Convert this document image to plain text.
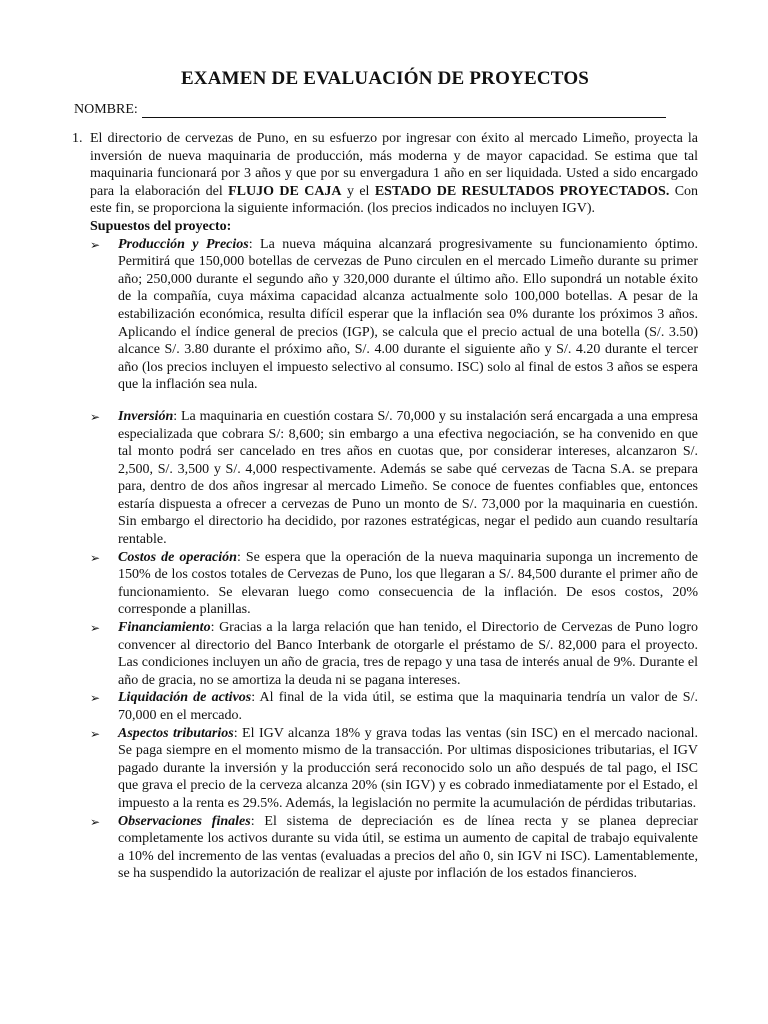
EXAMEN DE EVALUACIÓN DE PROYECTOS
NOMBRE:
1. El directorio de cervezas de Puno, en su esfuerzo por ingresar con éxito al mercado Limeño, proyecta la inversión de nueva maquinaria de producción, más moderna y de mayor capacidad. Se estima que tal maquinaria funcionará por 3 años y que por su envergadura 1 año en ser liquidada. Usted a sido encargado para la elaboración del FLUJO DE CAJA y el ESTADO DE RESULTADOS PROYECTADOS. Con este fin, se proporciona la siguiente información. (los precios indicados no incluyen IGV).

Supuestos del proyecto:

➢	Producción y Precios: La nueva máquina alcanzará progresivamente su funcionamiento óptimo. Permitirá que 150,000 botellas de cervezas de Puno circulen en el mercado Limeño durante su primer año; 250,000 durante el segundo año y 320,000 durante el último año. Ello supondrá un notable éxito de la compañía, cuya máxima capacidad alcanza actualmente solo 100,000 botellas. A pesar de la estabilización económica, resulta difícil esperar que la inflación sea 0% durante los próximos 3 años. Aplicando el índice general de precios (IGP), se calcula que el precio actual de una botella (S/. 3.50) alcance S/. 3.80 durante el próximo año, S/. 4.00 durante el siguiente año y S/. 4.20 durante el tercer año (los precios incluyen el impuesto selectivo al consumo. ISC) solo al final de estos 3 años se espera que la inflación sea nula.
➢	Inversión: La maquinaria en cuestión costara S/. 70,000 y su instalación será encargada a una empresa especializada que cobrara S/: 8,600; sin embargo a una efectiva negociación, se ha convenido en que tal monto podrá ser cancelado en tres años en cuotas que, por considerar intereses, alcanzaron S/. 2,500, S/. 3,500 y S/. 4,000 respectivamente. Además se sabe qué cervezas de Tacna S.A. se prepara para, dentro de dos años ingresar al mercado Limeño. Se conoce de fuentes confiables que, entonces estaría dispuesta a ofrecer a cervezas de Puno un monto de S/. 73,000 por la maquinaria en cuestión. Sin embargo el directorio ha decidido, por razones estratégicas, negar el pedido aun cuando resultaría rentable.
➢	Costos de operación: Se espera que la operación de la nueva maquinaria suponga un incremento de 150% de los costos totales de Cervezas de Puno, los que llegaran a S/. 84,500 durante el primer año de funcionamiento. Se elevaran luego como consecuencia de la inflación. De esos costos, 20% corresponde a planillas.
➢	Financiamiento: Gracias a la larga relación que han tenido, el Directorio de Cervezas de Puno logro convencer al directorio del Banco Interbank de otorgarle el préstamo de S/. 82,000 para el proyecto. Las condiciones incluyen un año de gracia, tres de repago y una tasa de interés anual de 9%. Durante el año de gracia, no se amortiza la deuda ni se pagana intereses.
➢	Liquidación de activos: Al final de la vida útil, se estima que la maquinaria tendría un valor de S/. 70,000 en el mercado.
➢	Aspectos tributarios: El IGV alcanza 18% y grava todas las ventas (sin ISC) en el mercado nacional. Se paga siempre en el momento mismo de la transacción. Por ultimas disposiciones tributarias, el IGV pagado durante la inversión y la producción será reconocido solo un año después de tal pago, el ISC que grava el precio de la cerveza alcanza 20% (sin IGV) y es cobrado inmediatamente por el Estado, el impuesto a la renta es 29.5%. Además, la legislación no permite la acumulación de pérdidas tributarias.
➢	Observaciones finales: El sistema de depreciación es de línea recta y se planea depreciar completamente los activos durante su vida útil, se estima un aumento de capital de trabajo equivalente a 10% del incremento de las ventas (evaluadas a precios del año 0, sin IGV ni ISC). Lamentablemente, se ha suspendido la autorización de realizar el ajuste por inflación de los estados financieros.
